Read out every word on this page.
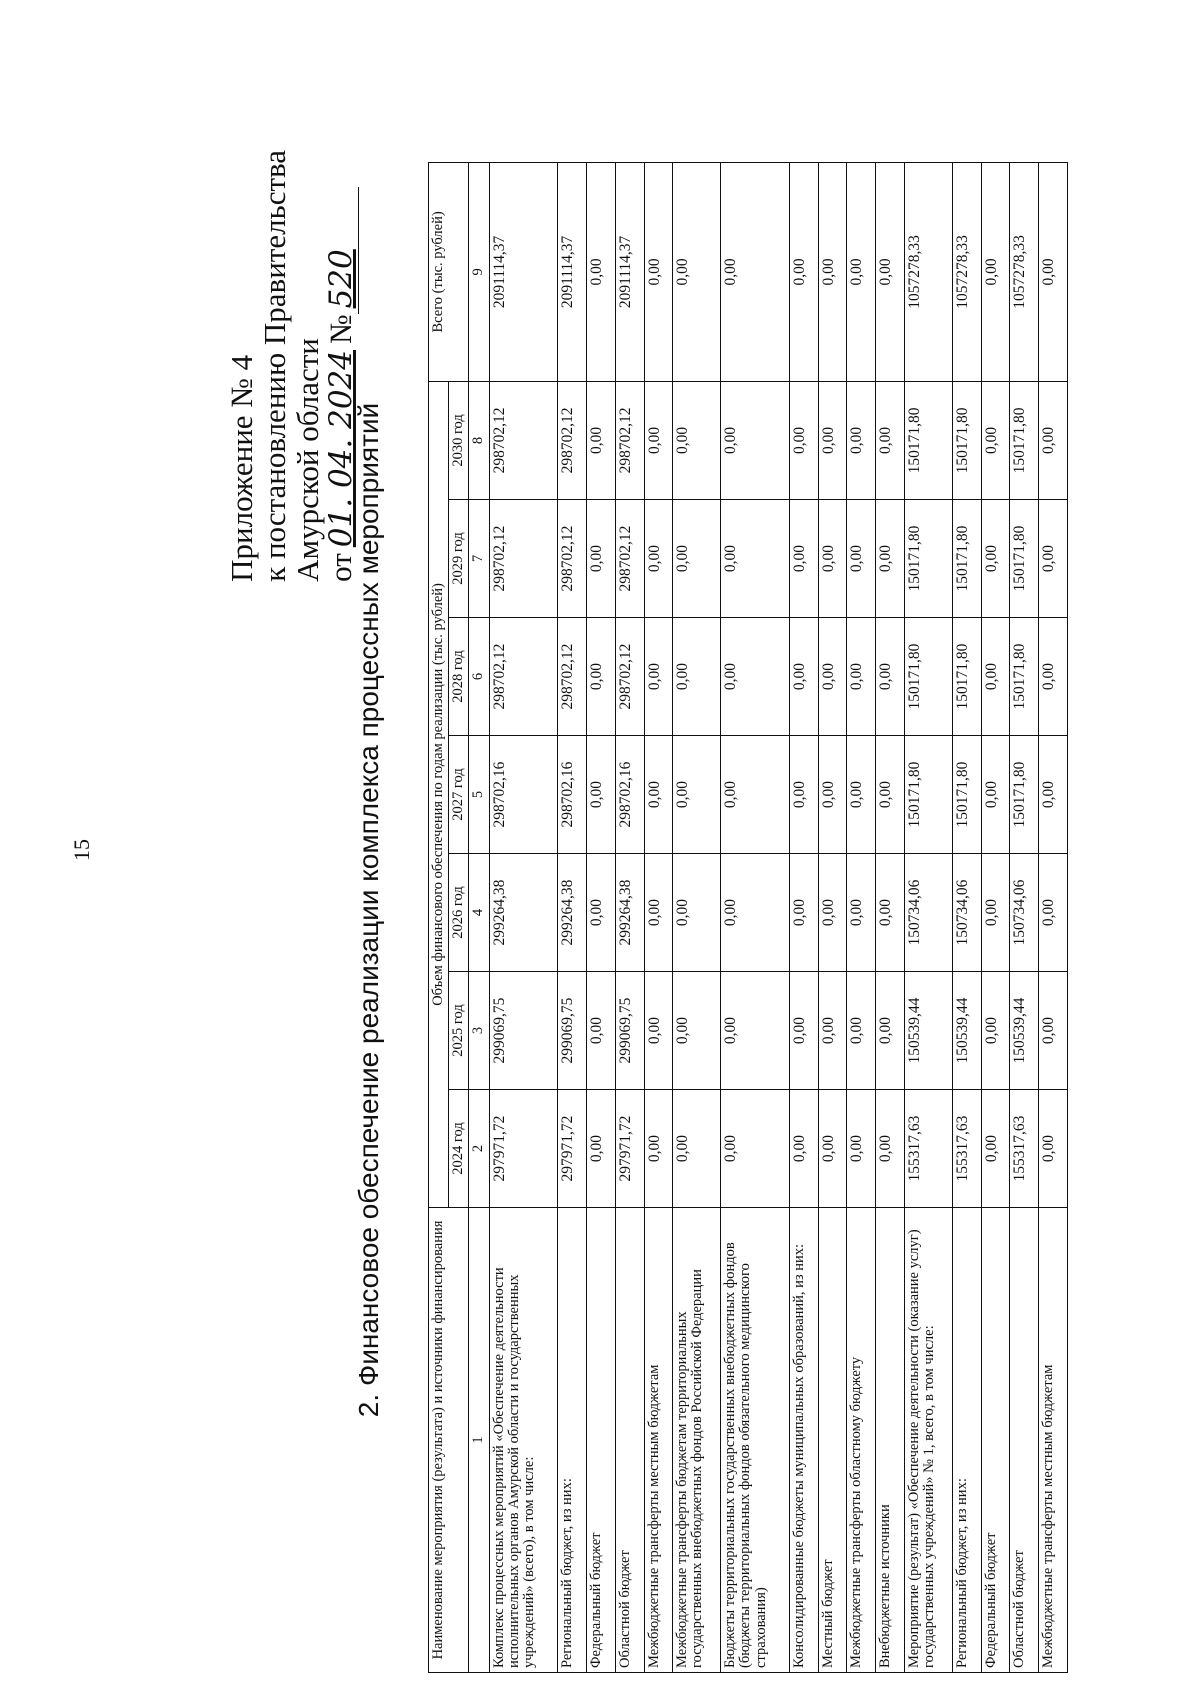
15
Приложение № 4
к постановлению Правительства
Амурской области
от01. 04. 2024№520
2. Финансовое обеспечение реализации комплекса процессных мероприятий
Наименование мероприятия (результата) и источники финансирования	Объем финансового обеспечения по годам реализации (тыс. рублей)							Всего (тыс. рублей)
	2024 год	2025 год	2026 год	2027 год	2028 год	2029 год	2030 год	
1	2	3	4	5	6	7	8	9
Комплекс процессных мероприятий «Обеспечение деятельности исполнительных органов Амурской области и государственных учреждений» (всего), в том числе:	297971,72	299069,75	299264,38	298702,16	298702,12	298702,12	298702,12	2091114,37
Региональный бюджет, из них:	297971,72	299069,75	299264,38	298702,16	298702,12	298702,12	298702,12	2091114,37
Федеральный бюджет	0,00	0,00	0,00	0,00	0,00	0,00	0,00	0,00
Областной бюджет	297971,72	299069,75	299264,38	298702,16	298702,12	298702,12	298702,12	2091114,37
Межбюджетные трансферты местным бюджетам	0,00	0,00	0,00	0,00	0,00	0,00	0,00	0,00
Межбюджетные трансферты бюджетам территориальных государственных внебюджетных фондов Российской Федерации	0,00	0,00	0,00	0,00	0,00	0,00	0,00	0,00
Бюджеты территориальных государственных внебюджетных фондов (бюджеты территориальных фондов обязательного медицинского страхования)	0,00	0,00	0,00	0,00	0,00	0,00	0,00	0,00
Консолидированные бюджеты муниципальных образований, из них:	0,00	0,00	0,00	0,00	0,00	0,00	0,00	0,00
Местный бюджет	0,00	0,00	0,00	0,00	0,00	0,00	0,00	0,00
Межбюджетные трансферты областному бюджету	0,00	0,00	0,00	0,00	0,00	0,00	0,00	0,00
Внебюджетные источники	0,00	0,00	0,00	0,00	0,00	0,00	0,00	0,00
Мероприятие (результат) «Обеспечение деятельности (оказание услуг) государственных учреждений» № 1, всего, в том числе:	155317,63	150539,44	150734,06	150171,80	150171,80	150171,80	150171,80	1057278,33
Региональный бюджет, из них:	155317,63	150539,44	150734,06	150171,80	150171,80	150171,80	150171,80	1057278,33
Федеральный бюджет	0,00	0,00	0,00	0,00	0,00	0,00	0,00	0,00
Областной бюджет	155317,63	150539,44	150734,06	150171,80	150171,80	150171,80	150171,80	1057278,33
Межбюджетные трансферты местным бюджетам	0,00	0,00	0,00	0,00	0,00	0,00	0,00	0,00
